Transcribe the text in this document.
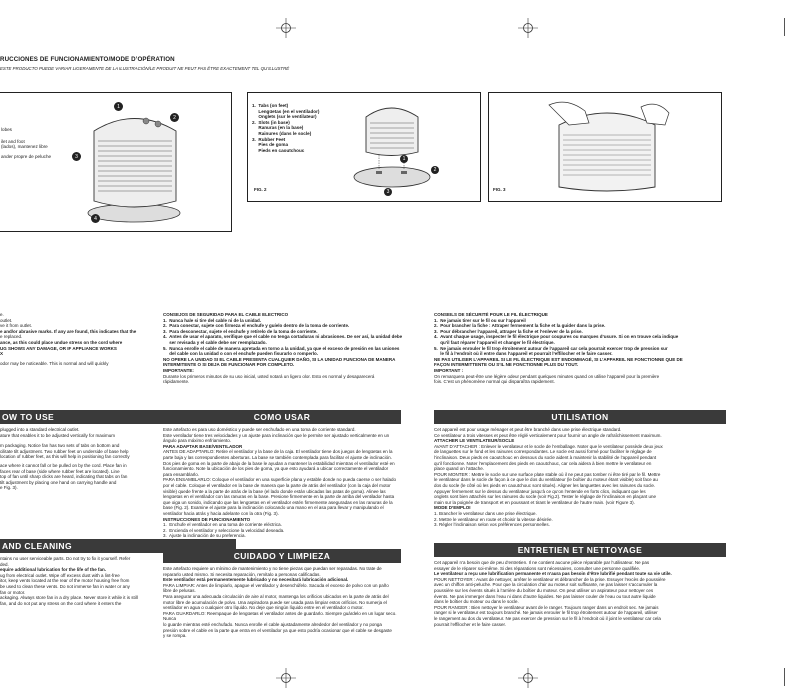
RUCCIONES DE FUNCIONAMIENTO/MODE D’OPÉRATION
ESTE PRODUCTO PUEDE VARIAR LIGERAMENTE DE LA ILUSTRACIÓN/LE PRODUIT NE PEUT PAS ÊTRE EXACTEMENT TEL QU’ILLUSTRÉ
lobes
ilet and foot
(lados), mantenez libre
ander propre de peluche
1
2
3
4
1.  Tabs (on feet)
Lengüetas (en el ventilador)
Onglets (sur le ventilateur)
2.  Slots (in base)
Ranuras (en la base)
Rainures (dans le socle)
3.  Rubber Feet
Pies de goma
Pieds en caoutchouc
1
2
3
FIG. 2	FIG. 3
e.
outlet.
ve it from outlet.
e and/or abrasive marks. If any are found, this indicates that the
e replaced.
ance, as this could place undue stress on the cord where
UG SHOWS ANY DAMAGE, OR IF APPLIANCE WORKS
X
odor may be noticeable. This is normal and will quickly
OW TO USE
plugged into a standard electrical outlet.
ature that enables it to be adjusted vertically for maximum
m packaging. Notice fan has two sets of tabs on bottom and
cilitate tilt adjustment. Two rubber feet on underside of base help
location of rubber feet, as this will help in positioning fan correctly
ace where it cannot fall or be pulled on by the cord. Place fan in
faces rear of base (side where rubber feet are located). Line
top of fan until sharp clicks are heard, indicating that tabs on fan
tilt adjustment by placing one hand on carrying handle and
e Fig. 3).
AND CLEANING
ntains no user serviceable parts. Do not try to fix it yourself. Refer
ded.
equire additional lubrication for the life of the fan.
ug from electrical outlet. Wipe off excess dust with a lint-free
itor, keep vents located at the rear of the motor housing free from
be used to clean these vents. Do not immerse fan in water or any
fan or motor.
ackaging. Always store fan in a dry place. Never store it while it is still
fan, and do not put any stress on the cord where it enters the
CONSEJOS DE SEGURIDAD PARA EL CABLE ELECTRICO
1.  Nunca hale si tire del cable ni de la unidad.
2.  Para conectar, sujete con firmeza el enchufe y guíelo dentro de la toma de corriente.
3.  Para desconectar, sujete el enchufe y retírelo de la toma de corriente.
4.  Antes de usar el aparato, verifique que el cable no tenga cortaduras ni abrasiones. De ser así, la unidad debe
ser revisada y el cable debe ser reemplazado.
5.  Nunca enrolle el cable de manera apretada en torno a la unidad, ya que el exceso de presión en las uniones
del cable con la unidad o con el enchufe pueden fisurarlo o romperlo.
NO OPERE LA UNIDAD SI EL CABLE PRESENTA CUALQUIER DAÑO, SI LA UNIDAD FUNCIONA DE MANERA
INTERMITENTE O SI DEJA DE FUNCIONAR POR COMPLETO.
IMPORTANTE:
Durante los primeros minutos de su uso inicial, usted notará un ligero olor. Esto es normal y desaparecerá
rápidamente.
COMO USAR
Este artefacto es para uso doméstico y puede ser enchufado en una toma de corriente standard.
Este ventilador tiene tres velocidades y un ajuste para inclinación que le permite ser ajustado verticalmente en un
ángulo para máximo enfriamiento.
PARA ADAPTAR BASE/VENTILADOR
ANTES DE ADAPTARLO: Retire el ventilador y la base de la caja. El ventilador tiene dos juegos de lengüetas en la
parte baja y las correspondientes aberturas. La base se también contemplada para facilitar el ajuste de inclinación.
Dos pies de goma en la parte de abajo de la base le ayudan a mantener la estabilidad mientras el ventilador esté en
funcionamiento. Note la ubicación de los pies de goma, ya que esto ayudará a ubicar correctamente el ventilador
para ensamblarlo.
PARA ENSAMBLARLO: Coloque el ventilador en una superficie plana y estable donde no pueda caerse o ser halado
por el cable. Coloque el ventilador en la base de manera que la parte de atrás del ventilador (con la caja del motor
visible) quede frente a la parte de atrás de la base (el lado donde están ubicadas las patas de goma). Alinee las
lengüetas en el ventilador con las ranuras en la base. Presione firmemente en la parte de arriba del ventilador hasta
que oiga un sonido, indicando que las lengüetas en el ventilador estén firmemente aseguradas en las ranuras de la
base (Fig. 2). Examine el ajuste para la inclinación colocando una mano en el asa para llevar y manipulando el
ventilador hacia atrás y hacia adelante con la otra (Fig. 3).
INSTRUCCIONES DE FUNCIONAMIENTO
1.  Enchufe el ventilador en una toma de corriente eléctrica.
2.  Encienda el ventilador y seleccione la velocidad deseada.
3.  Ajuste la inclinación de su preferencia.
CUIDADO Y LIMPIEZA
Este artefacto requiere un mínimo de mantenimiento y no tiene piezas que puedan ser reparadas. No trate de
repararlo usted mismo. Si necesita reparación, remítalo a personas calificadas.
Este ventilador está permanentemente lubricado y no necesitará lubricación adicional.
PARA LIMPIAR: Antes de limpiarlo, apague el ventilador y desenchúfelo. Sacuda el exceso de polvo con un paño
libre de pelusas.
Para asegurar una adecuada circulación de aire al motor, mantenga los orificios ubicados en la parte de atrás del
motor libre de acumulación de polvo. Una aspiradora puede ser usada para limpiar estos orificios. No sumerja el
ventilador en agua o cualquier otro líquido. No deje que ningún líquido entre en el ventilador o motor.
PARA GUARDARLO: Reempaque de lengüetas el ventilador antes de guardarlo. Siempre guárdelo en un lugar seco. Nunca
lo guarde mientras esté enchufado. Nunca enrolle el cable ajustadamente alrededor del ventilador y no ponga
presión sobre el cable en la parte que entra en el ventilador ya que esto podría ocasionar que el cable se desgaste
y se rompa.
CONSEILS DE SÉCURITÉ POUR LE FIL ÉLECTRIQUE
1.  Ne jamais tirer sur le fil ou sur l’appareil
2.  Pour brancher la fiche : Attraper fermement la fiche et la guider dans la prise.
3.  Pour débrancher l’appareil, attraper la fiche et l’enlever de la prise.
4.  Avant chaque usage, inspecter le fil électrique pour coupures ou marques d’usure. Si on en trouve cela indique
qu’il faut réparer l’appareil et changer le fil électrique.
5.  Ne jamais enrouler le fil trop étroitement autour de l’appareil car cela pourrait exercer trop de pression sur
le fil à l’endroit où il entre dans l’appareil et pourrait l’effilocher et le faire casser.
NE PAS UTILISER L’APPAREIL SI LE FIL ÉLECTRIQUE EST ENDOMMAGÉ, SI L’APPAREIL NE FONCTIONNE QUE DE
FAÇON INTERMITTENTE OU S’IL NE FONCTIONNE PLUS DU TOUT.
IMPORTANT :
On remarquera peut-être une légère odeur pendant quelques minutes quand on utilise l’appareil pour la première
fois. C’est un phénomène normal qui disparaîtra rapidement.
UTILISATION
Cet appareil est pour usage ménager et peut être branché dans une prise électrique standard.
Ce ventilateur a trois vitesses et peut être réglé verticalement pour fournir un angle de rafraîchissement maximum.
ATTACHER LE VENTILATEUR/SOCLE
AVANT D’ATTACHER : Enlever le ventilateur et le socle de l’emballage. Noter que le ventilateur possède deux jeux
de languettes sur le fond et les rainures correspondantes. Le socle est aussi formé pour faciliter le réglage de
l’inclinaison. Deux pieds en caoutchouc en dessous du socle aident à maintenir la stabilité de l’appareil pendant
qu’il fonctionne. Noter l’emplacement des pieds en caoutchouc, car cela aidera à bien mettre le ventilateur en
place quand on l’attache.
POUR MONTER : Mettre le socle sur une surface plate stable où il ne peut pas tomber ni être tiré par le fil. Mettre
le ventilateur dans le socle de façon à ce que le dos du ventilateur (le boîtier du moteur étant visible) soit face au
dos du socle (le côté où les pieds en caoutchouc sont situés). Aligner les languettes avec les rainures du socle.
Appuyer fermement sur le dessus du ventilateur jusqu’à ce qu’on l’entende en forts clics, indiquant que les
onglets sont bien attachés sur les rainures du socle (voir Fig.2). Tester le réglage de l’inclinaison en plaçant une
main sur la poignée de transport et en poussant et tirant le ventilateur de l’autre main. (voir Figure 3).
MODE D’EMPLOI
1. Brancher le ventilateur dans une prise électrique.
2. Mettre le ventilateur en route et choisir la vitesse désirée.
3. Régler l’inclinaison selon vos préférences personnelles.
ENTRETIEN ET NETTOYAGE
Cet appareil n’a besoin que de peu d’entretien. Il ne contient aucune pièce réparable par l’utilisateur. Ne pas
essayer de le réparer soi-même. Si des réparations sont nécessaires, consulter une personne qualifiée.
Le ventilateur a reçu une lubrification permanente et n’aura pas besoin d’être lubrifié pendant toute sa vie utile.
POUR NETTOYER : Avant de nettoyer, arrêter le ventilateur et débrancher de la prise. Essuyer l’excès de poussière
avec un chiffon anti-peluche. Pour que la circulation d’air au moteur soit suffisante, ne pas laisser s’accumuler la
poussière sur les évents situés à l’arrière du boîtier du moteur. On peut utiliser un aspirateur pour nettoyer ces
évents. Ne pas immerger dans l’eau ni dans d’autre liquides. Ne pas laisser couler de l’eau ou tout autre liquide
dans le boîtier du moteur ou dans le socle.
POUR RANGER : Bien nettoyer le ventilateur avant de le ranger. Toujours ranger dans un endroit sec. Ne jamais
ranger si le ventilateur est toujours branché. Ne jamais enrouler le fil trop étroitement autour de l’appareil, utiliser
le rangement au dos du ventilateur. Ne pas exercer de pression sur le fil à l’endroit où il joint le ventilateur car cela
pourrait l’effilocher et le faire casser.
